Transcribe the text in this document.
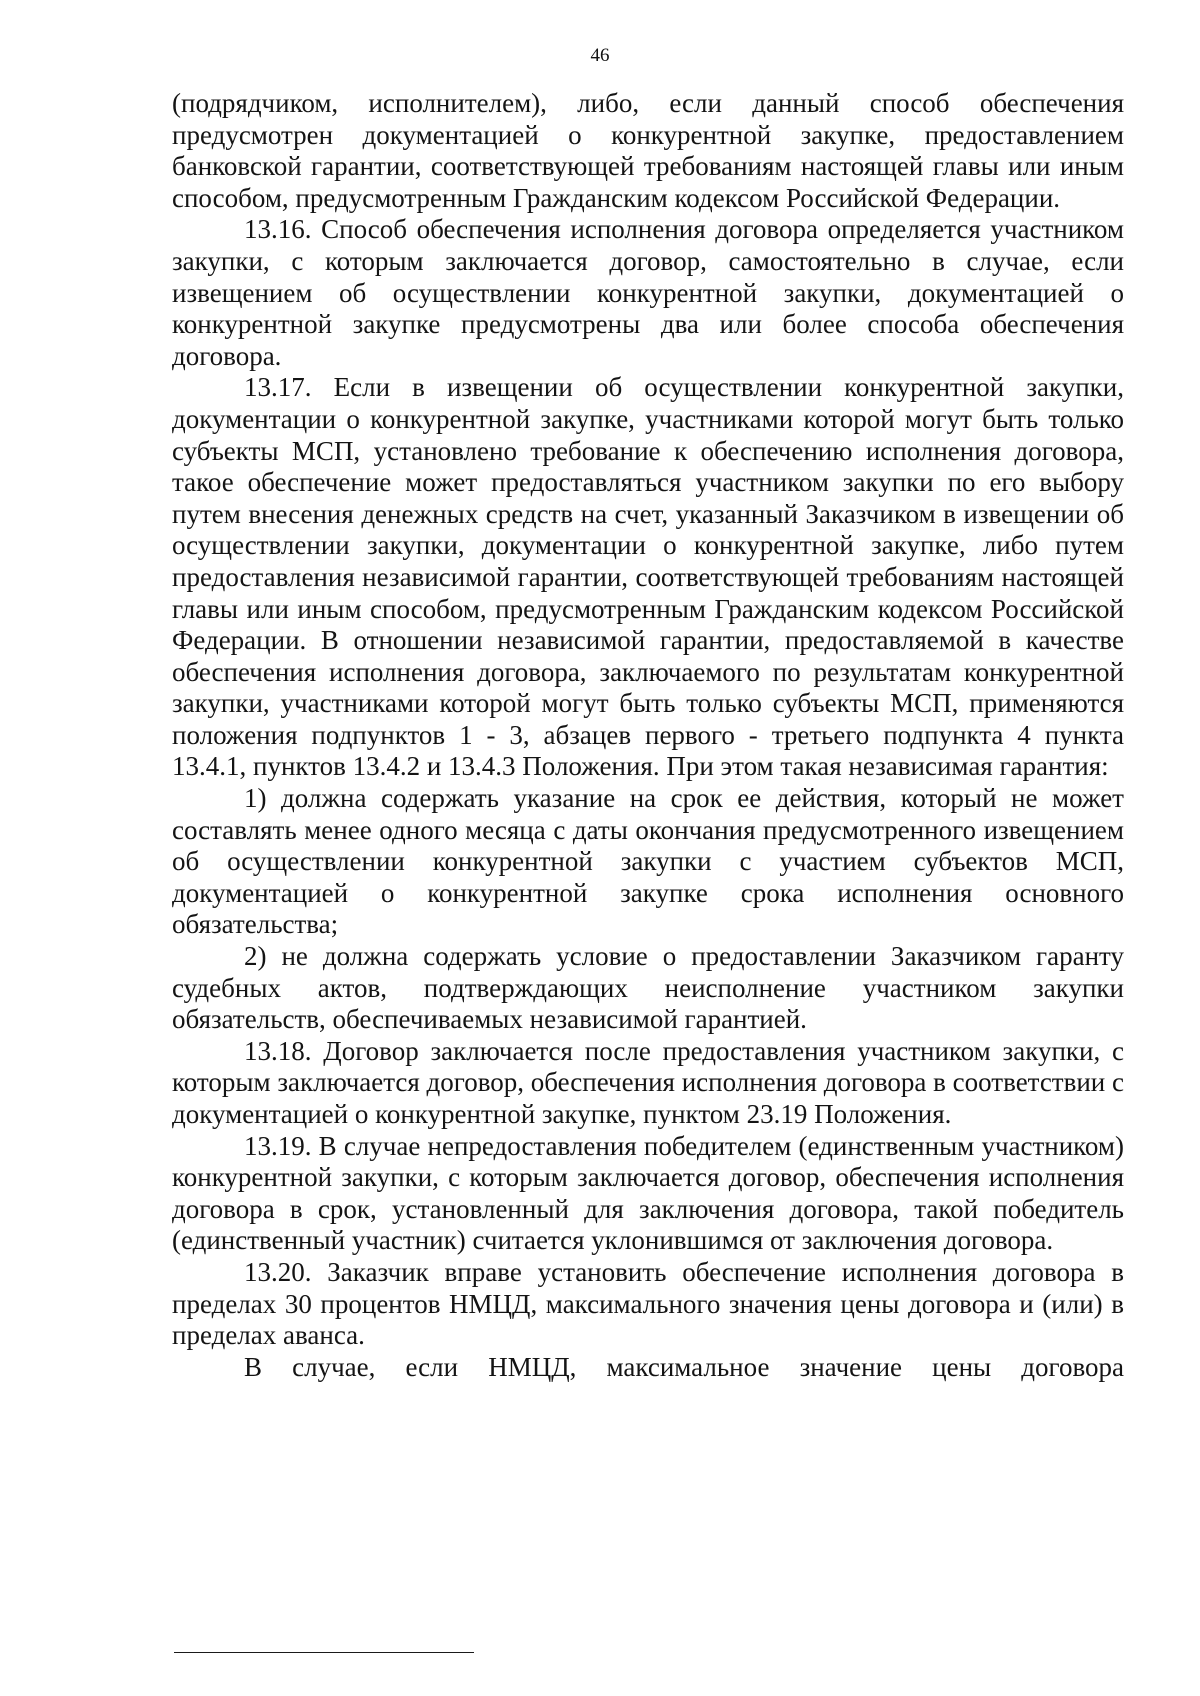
46

(подрядчиком, исполнителем), либо, если данный способ обеспечения предусмотрен документацией о конкурентной закупке, предоставлением банковской гарантии, соответствующей требованиям настоящей главы или иным способом, предусмотренным Гражданским кодексом Российской Федерации.

13.16. Способ обеспечения исполнения договора определяется участником закупки, с которым заключается договор, самостоятельно в случае, если извещением об осуществлении конкурентной закупки, документацией о конкурентной закупке предусмотрены два или более способа обеспечения договора.

13.17. Если в извещении об осуществлении конкурентной закупки, документации о конкурентной закупке, участниками которой могут быть только субъекты МСП, установлено требование к обеспечению исполнения договора, такое обеспечение может предоставляться участником закупки по его выбору путем внесения денежных средств на счет, указанный Заказчиком в извещении об осуществлении закупки, документации о конкурентной закупке, либо путем предоставления независимой гарантии, соответствующей требованиям настоящей главы или иным способом, предусмотренным Гражданским кодексом Российской Федерации. В отношении независимой гарантии, предоставляемой в качестве обеспечения исполнения договора, заключаемого по результатам конкурентной закупки, участниками которой могут быть только субъекты МСП, применяются положения подпунктов 1 - 3, абзацев первого - третьего подпункта 4 пункта 13.4.1, пунктов 13.4.2 и 13.4.3 Положения. При этом такая независимая гарантия:

1) должна содержать указание на срок ее действия, который не может составлять менее одного месяца с даты окончания предусмотренного извещением об осуществлении конкурентной закупки с участием субъектов МСП, документацией о конкурентной закупке срока исполнения основного обязательства;

2) не должна содержать условие о предоставлении Заказчиком гаранту судебных актов, подтверждающих неисполнение участником закупки обязательств, обеспечиваемых независимой гарантией.

13.18. Договор заключается после предоставления участником закупки, с которым заключается договор, обеспечения исполнения договора в соответствии с документацией о конкурентной закупке, пунктом 23.19 Положения.

13.19. В случае непредоставления победителем (единственным участником) конкурентной закупки, с которым заключается договор, обеспечения исполнения договора в срок, установленный для заключения договора, такой победитель (единственный участник) считается уклонившимся от заключения договора.

13.20. Заказчик вправе установить обеспечение исполнения договора в пределах 30 процентов НМЦД, максимального значения цены договора и (или) в пределах аванса.

В случае, если НМЦД, максимальное значение цены договора
